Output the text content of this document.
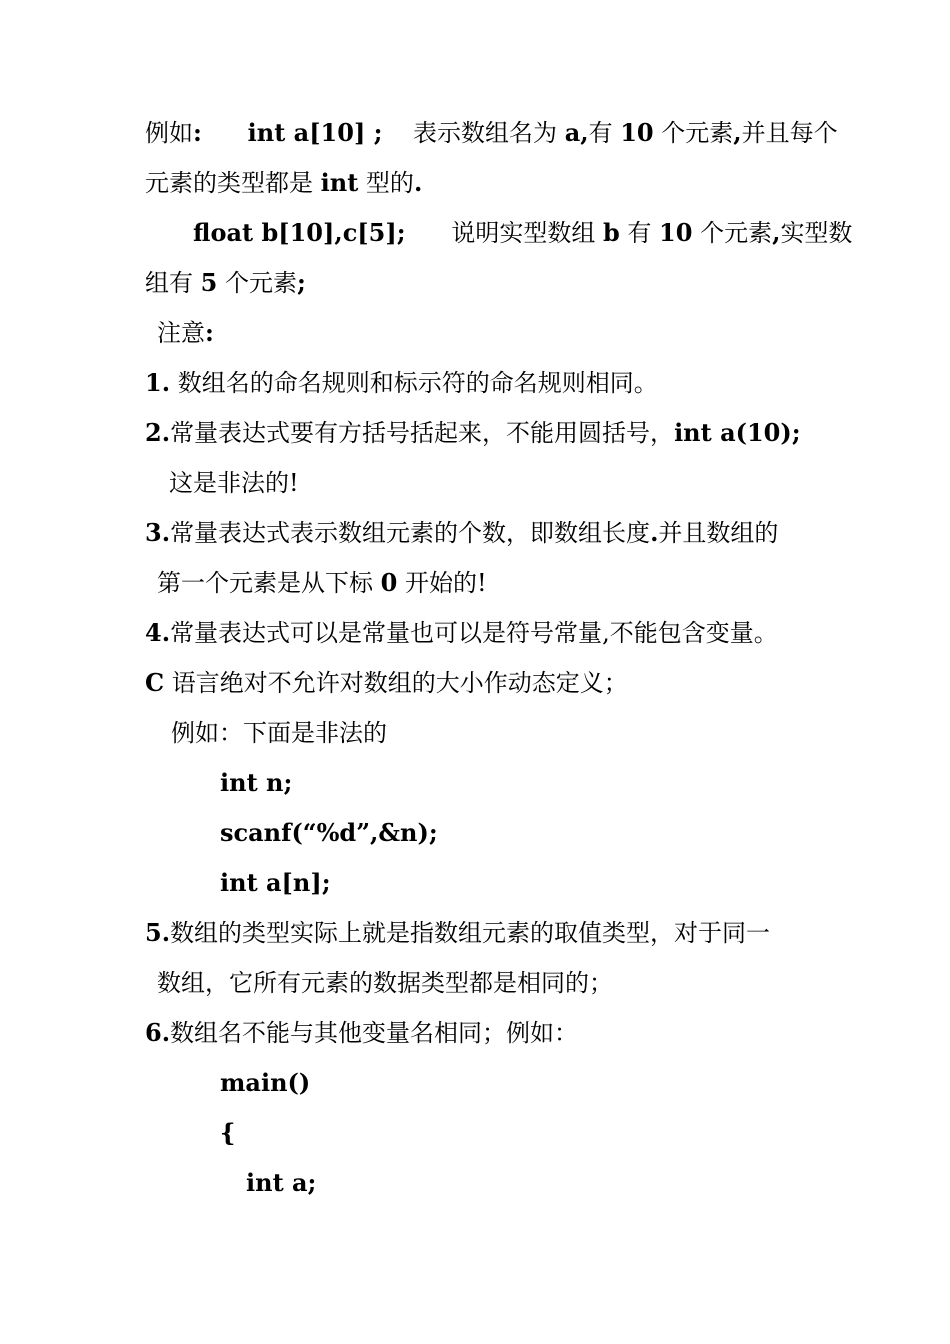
例如: int a[10] ;    表示数组名为 a,有 10 个元素,并且每个
元素的类型都是 int 型的.
float b[10],c[5];      说明实型数组 b 有 10 个元素,实型数
组有 5 个元素;
注意:
1. 数组名的命名规则和标示符的命名规则相同。
2.常量表达式要有方括号括起来，不能用圆括号，int a(10);
这是非法的!
3.常量表达式表示数组元素的个数，即数组长度.并且数组的
第一个元素是从下标 0 开始的!
4.常量表达式可以是常量也可以是符号常量,不能包含变量。
C 语言绝对不允许对数组的大小作动态定义；
例如：下面是非法的
int n;
scanf(“%d”,&n);
int a[n];
5.数组的类型实际上就是指数组元素的取值类型，对于同一
数组，它所有元素的数据类型都是相同的；
6.数组名不能与其他变量名相同；例如：
main()
{
int a;
